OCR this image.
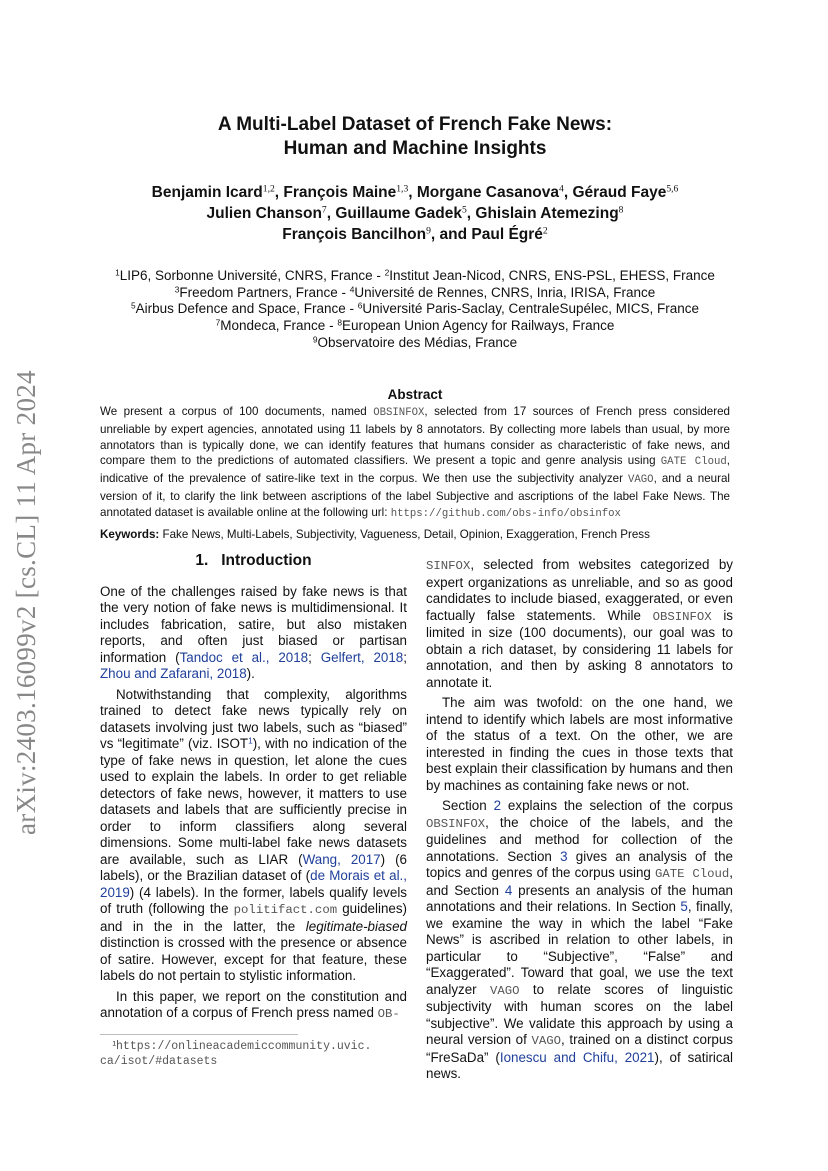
arXiv:2403.16099v2 [cs.CL] 11 Apr 2024
A Multi-Label Dataset of French Fake News:
Human and Machine Insights
Benjamin Icard$^{1,2}$, François Maine$^{1,3}$, Morgane Casanova$^4$, Géraud Faye$^{5,6}$
Julien Chanson$^7$, Guillaume Gadek$^5$, Ghislain Atemezing$^8$
François Bancilhon$^9$, and Paul Égré$^2$
$^1$LIP6, Sorbonne Université, CNRS, France - $^2$Institut Jean-Nicod, CNRS, ENS-PSL, EHESS, France
$^3$Freedom Partners, France - $^4$Université de Rennes, CNRS, Inria, IRISA, France
$^5$Airbus Defence and Space, France - $^6$Université Paris-Saclay, CentraleSupélec, MICS, France
$^7$Mondeca, France - $^8$European Union Agency for Railways, France
$^9$Observatoire des Médias, France
Abstract
We present a corpus of 100 documents, named OBSINFOX, selected from 17 sources of French press considered unreliable by expert agencies, annotated using 11 labels by 8 annotators. By collecting more labels than usual, by more annotators than is typically done, we can identify features that humans consider as characteristic of fake news, and compare them to the predictions of automated classifiers. We present a topic and genre analysis using GATE Cloud, indicative of the prevalence of satire-like text in the corpus. We then use the subjectivity analyzer VAGO, and a neural version of it, to clarify the link between ascriptions of the label Subjective and ascriptions of the label Fake News. The annotated dataset is available online at the following url: https://github.com/obs-info/obsinfox
Keywords: Fake News, Multi-Labels, Subjectivity, Vagueness, Detail, Opinion, Exaggeration, French Press
1. Introduction

One of the challenges raised by fake news is that the very notion of fake news is multidimensional. It includes fabrication, satire, but also mistaken reports, and often just biased or partisan information (Tandoc et al., 2018; Gelfert, 2018; Zhou and Zafarani, 2018).

Notwithstanding that complexity, algorithms trained to detect fake news typically rely on datasets involving just two labels, such as “biased” vs “legitimate” (viz. ISOT$^1$), with no indication of the type of fake news in question, let alone the cues used to explain the labels. In order to get reliable detectors of fake news, however, it matters to use datasets and labels that are sufficiently precise in order to inform classifiers along several dimensions. Some multi-label fake news datasets are available, such as LIAR (Wang, 2017) (6 labels), or the Brazilian dataset of (de Morais et al., 2019) (4 labels). In the former, labels qualify levels of truth (following the politifact.com guidelines) and in the in the latter, the legitimate-biased distinction is crossed with the presence or absence of satire. However, except for that feature, these labels do not pertain to stylistic information.

In this paper, we report on the constitution and annotation of a corpus of French press named OB-

$^1$https://onlineacademiccommunity.uvic.
ca/isot/#datasets

SINFOX, selected from websites categorized by expert organizations as unreliable, and so as good candidates to include biased, exaggerated, or even factually false statements. While OBSINFOX is limited in size (100 documents), our goal was to obtain a rich dataset, by considering 11 labels for annotation, and then by asking 8 annotators to annotate it.

The aim was twofold: on the one hand, we intend to identify which labels are most informative of the status of a text. On the other, we are interested in finding the cues in those texts that best explain their classification by humans and then by machines as containing fake news or not.

Section 2 explains the selection of the corpus OBSINFOX, the choice of the labels, and the guidelines and method for collection of the annotations. Section 3 gives an analysis of the topics and genres of the corpus using GATE Cloud, and Section 4 presents an analysis of the human annotations and their relations. In Section 5, finally, we examine the way in which the label “Fake News” is ascribed in relation to other labels, in particular to “Subjective”, “False” and “Exaggerated”. Toward that goal, we use the text analyzer VAGO to relate scores of linguistic subjectivity with human scores on the label “subjective”. We validate this approach by using a neural version of VAGO, trained on a distinct corpus “FreSaDa” (Ionescu and Chifu, 2021), of satirical news.
